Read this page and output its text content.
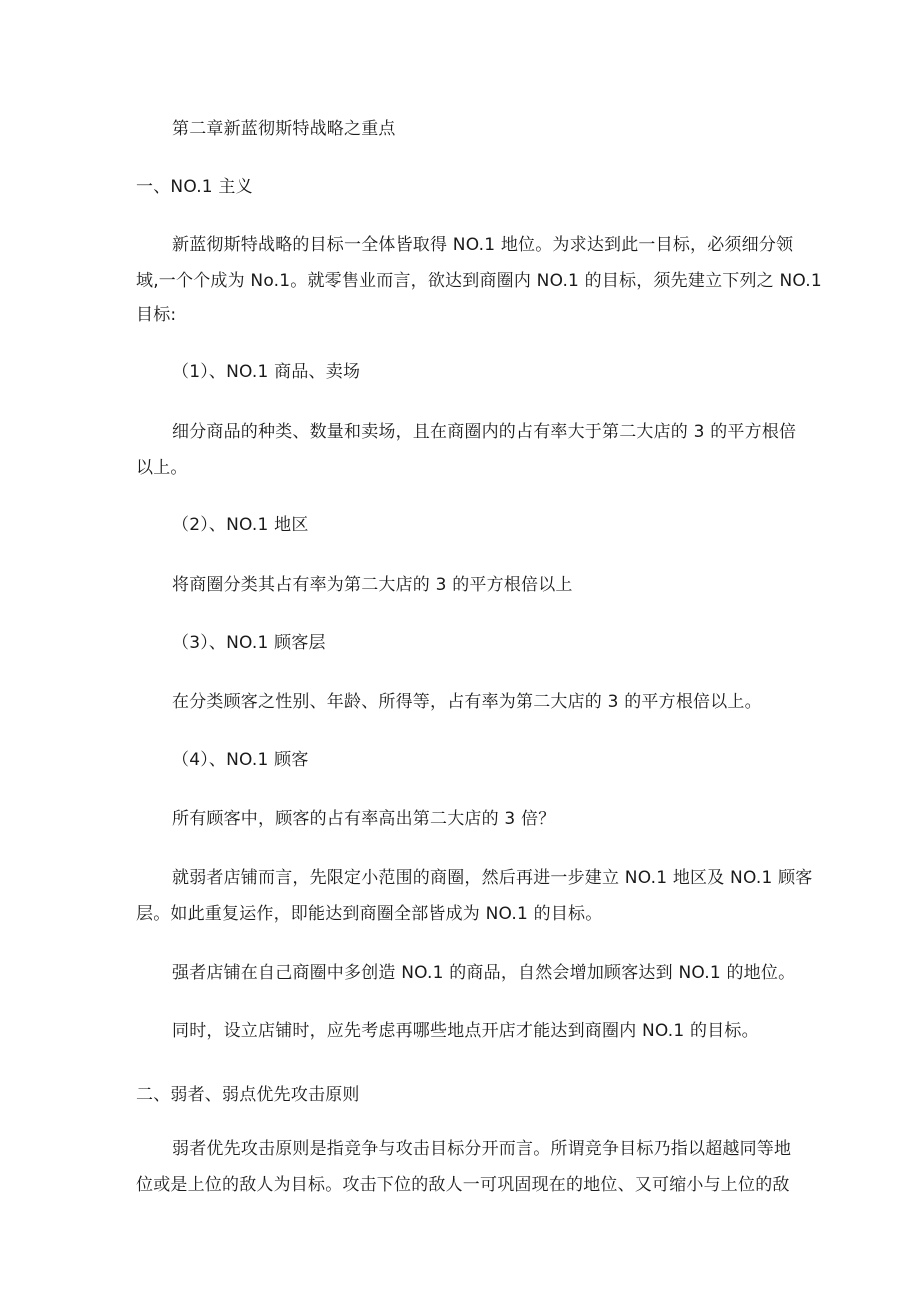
第二章新蓝彻斯特战略之重点
一、NO.1 主义
新蓝彻斯特战略的目标一全体皆取得 NO.1 地位。为求达到此一目标，必须细分领
域,一个个成为 No.1。就零售业而言，欲达到商圈内 NO.1 的目标，须先建立下列之 NO.1
目标:
（1）、NO.1 商品、卖场
细分商品的种类、数量和卖场，且在商圈内的占有率大于第二大店的 3 的平方根倍
以上。
（2）、NO.1 地区
将商圈分类其占有率为第二大店的 3 的平方根倍以上
（3）、NO.1 顾客层
在分类顾客之性别、年龄、所得等，占有率为第二大店的 3 的平方根倍以上。
（4）、NO.1 顾客
所有顾客中，顾客的占有率高出第二大店的 3 倍？
就弱者店铺而言，先限定小范围的商圈，然后再进一步建立 NO.1 地区及 NO.1 顾客
层。如此重复运作，即能达到商圈全部皆成为 NO.1 的目标。
强者店铺在自己商圈中多创造 NO.1 的商品，自然会增加顾客达到 NO.1 的地位。
同时，设立店铺时，应先考虑再哪些地点开店才能达到商圈内 NO.1 的目标。
二、弱者、弱点优先攻击原则
弱者优先攻击原则是指竞争与攻击目标分开而言。所谓竞争目标乃指以超越同等地
位或是上位的敌人为目标。攻击下位的敌人一可巩固现在的地位、又可缩小与上位的敌
